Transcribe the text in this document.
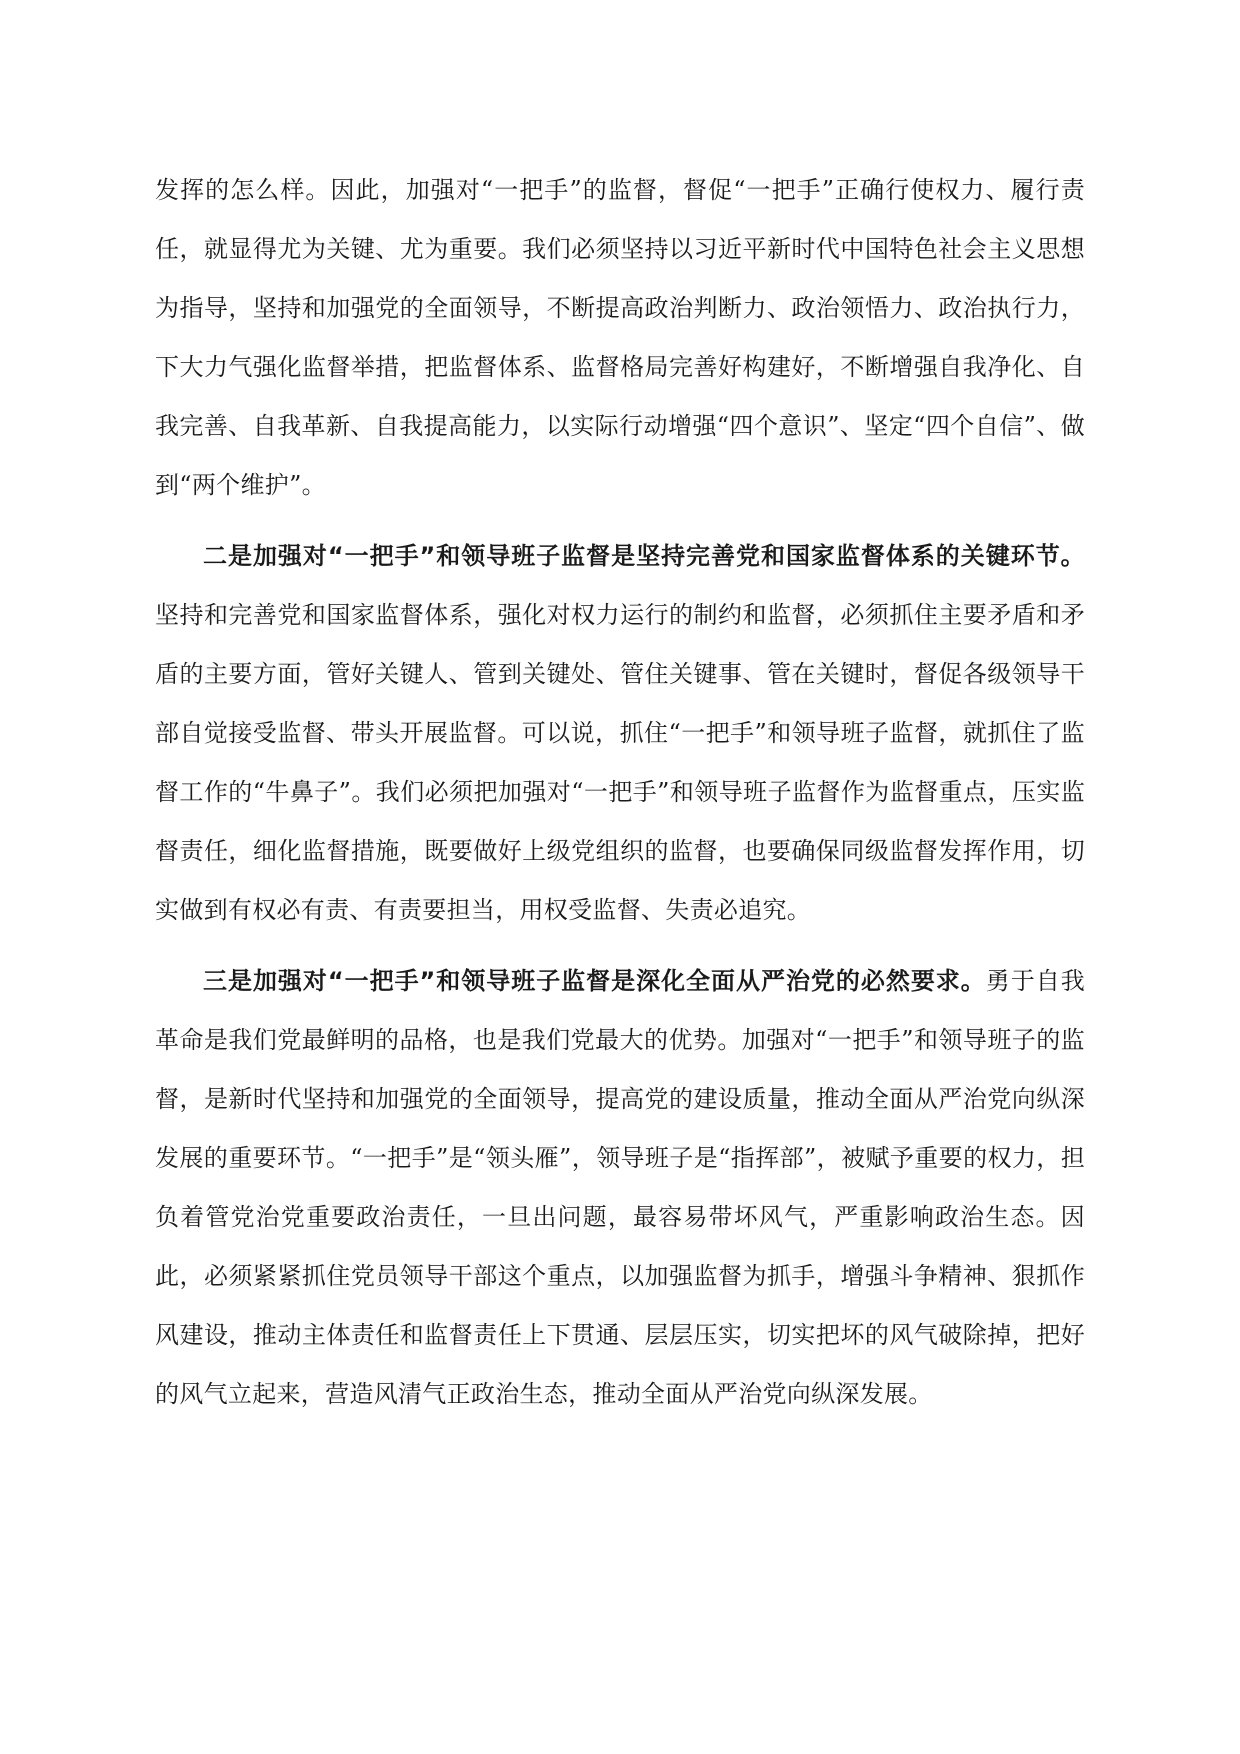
发挥的怎么样。因此，加强对“一把手”的监督，督促“一把手”正确行使权力、履行责任，就显得尤为关键、尤为重要。我们必须坚持以习近平新时代中国特色社会主义思想为指导，坚持和加强党的全面领导，不断提高政治判断力、政治领悟力、政治执行力，下大力气强化监督举措，把监督体系、监督格局完善好构建好，不断增强自我净化、自我完善、自我革新、自我提高能力，以实际行动增强“四个意识”、坚定“四个自信”、做到“两个维护”。

二是加强对“一把手”和领导班子监督是坚持完善党和国家监督体系的关键环节。坚持和完善党和国家监督体系，强化对权力运行的制约和监督，必须抓住主要矛盾和矛盾的主要方面，管好关键人、管到关键处、管住关键事、管在关键时，督促各级领导干部自觉接受监督、带头开展监督。可以说，抓住“一把手”和领导班子监督，就抓住了监督工作的“牛鼻子”。我们必须把加强对“一把手”和领导班子监督作为监督重点，压实监督责任，细化监督措施，既要做好上级党组织的监督，也要确保同级监督发挥作用，切实做到有权必有责、有责要担当，用权受监督、失责必追究。

三是加强对“一把手”和领导班子监督是深化全面从严治党的必然要求。勇于自我革命是我们党最鲜明的品格，也是我们党最大的优势。加强对“一把手”和领导班子的监督，是新时代坚持和加强党的全面领导，提高党的建设质量，推动全面从严治党向纵深发展的重要环节。“一把手”是“领头雁”，领导班子是“指挥部”，被赋予重要的权力，担负着管党治党重要政治责任，一旦出问题，最容易带坏风气，严重影响政治生态。因此，必须紧紧抓住党员领导干部这个重点，以加强监督为抓手，增强斗争精神、狠抓作风建设，推动主体责任和监督责任上下贯通、层层压实，切实把坏的风气破除掉，把好的风气立起来，营造风清气正政治生态，推动全面从严治党向纵深发展。
